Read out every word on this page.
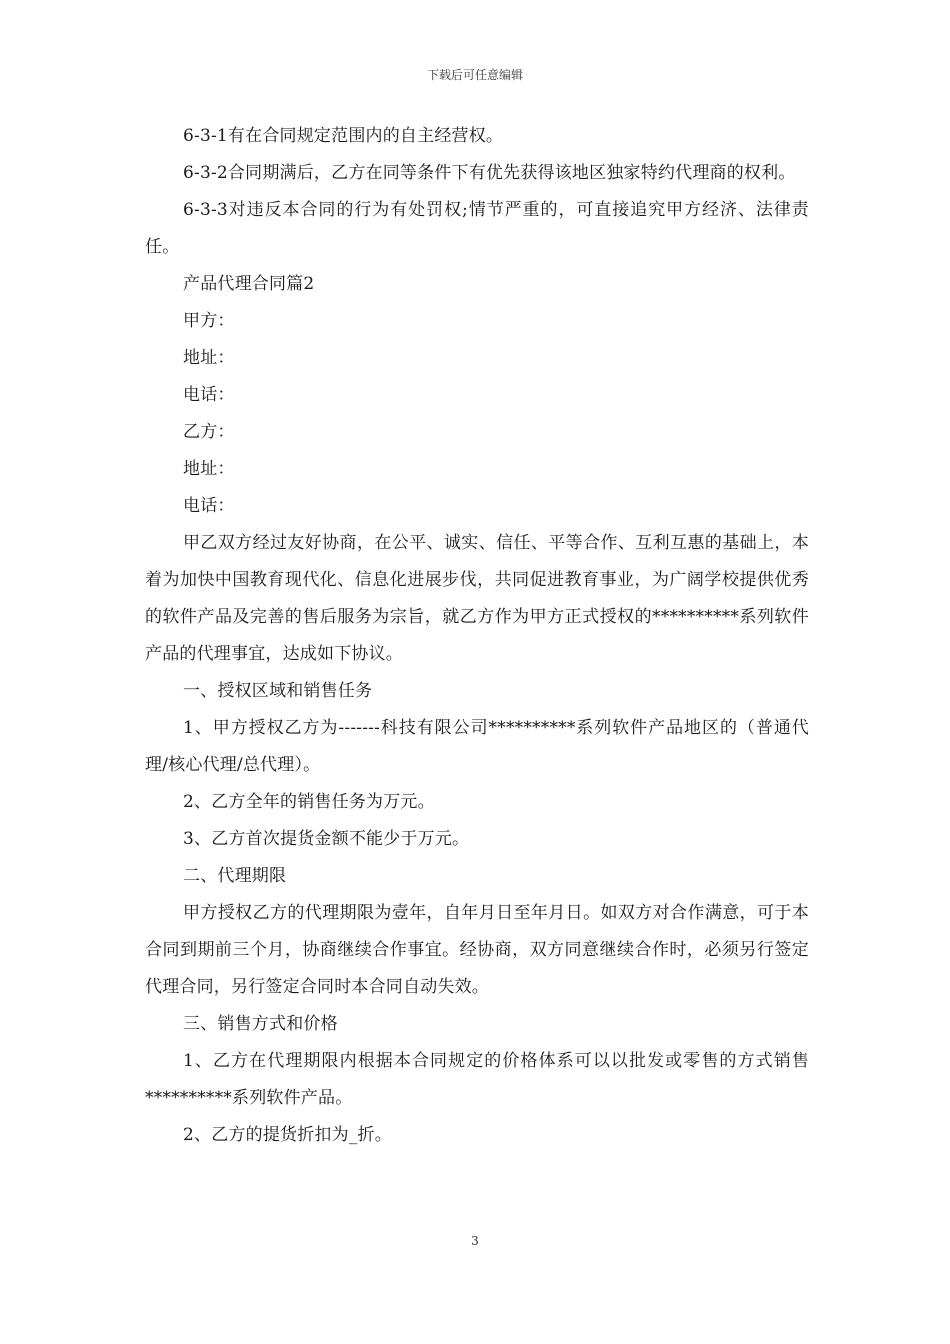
下载后可任意编辑

6-3-1有在合同规定范围内的自主经营权。

6-3-2合同期满后，乙方在同等条件下有优先获得该地区独家特约代理商的权利。

6-3-3对违反本合同的行为有处罚权;情节严重的，可直接追究甲方经济、法律责任。

产品代理合同篇2

甲方：

地址：

电话：

乙方：

地址：

电话：

甲乙双方经过友好协商，在公平、诚实、信任、平等合作、互利互惠的基础上，本着为加快中国教育现代化、信息化进展步伐，共同促进教育事业，为广阔学校提供优秀的软件产品及完善的售后服务为宗旨，就乙方作为甲方正式授权的**********系列软件产品的代理事宜，达成如下协议。

一、授权区域和销售任务

1、甲方授权乙方为-------科技有限公司**********系列软件产品地区的（普通代理/核心代理/总代理）。

2、乙方全年的销售任务为万元。

3、乙方首次提货金额不能少于万元。

二、代理期限

甲方授权乙方的代理期限为壹年，自年月日至年月日。如双方对合作满意，可于本合同到期前三个月，协商继续合作事宜。经协商，双方同意继续合作时，必须另行签定代理合同，另行签定合同时本合同自动失效。

三、销售方式和价格

1、乙方在代理期限内根据本合同规定的价格体系可以以批发或零售的方式销售**********系列软件产品。

2、乙方的提货折扣为_折。

3
